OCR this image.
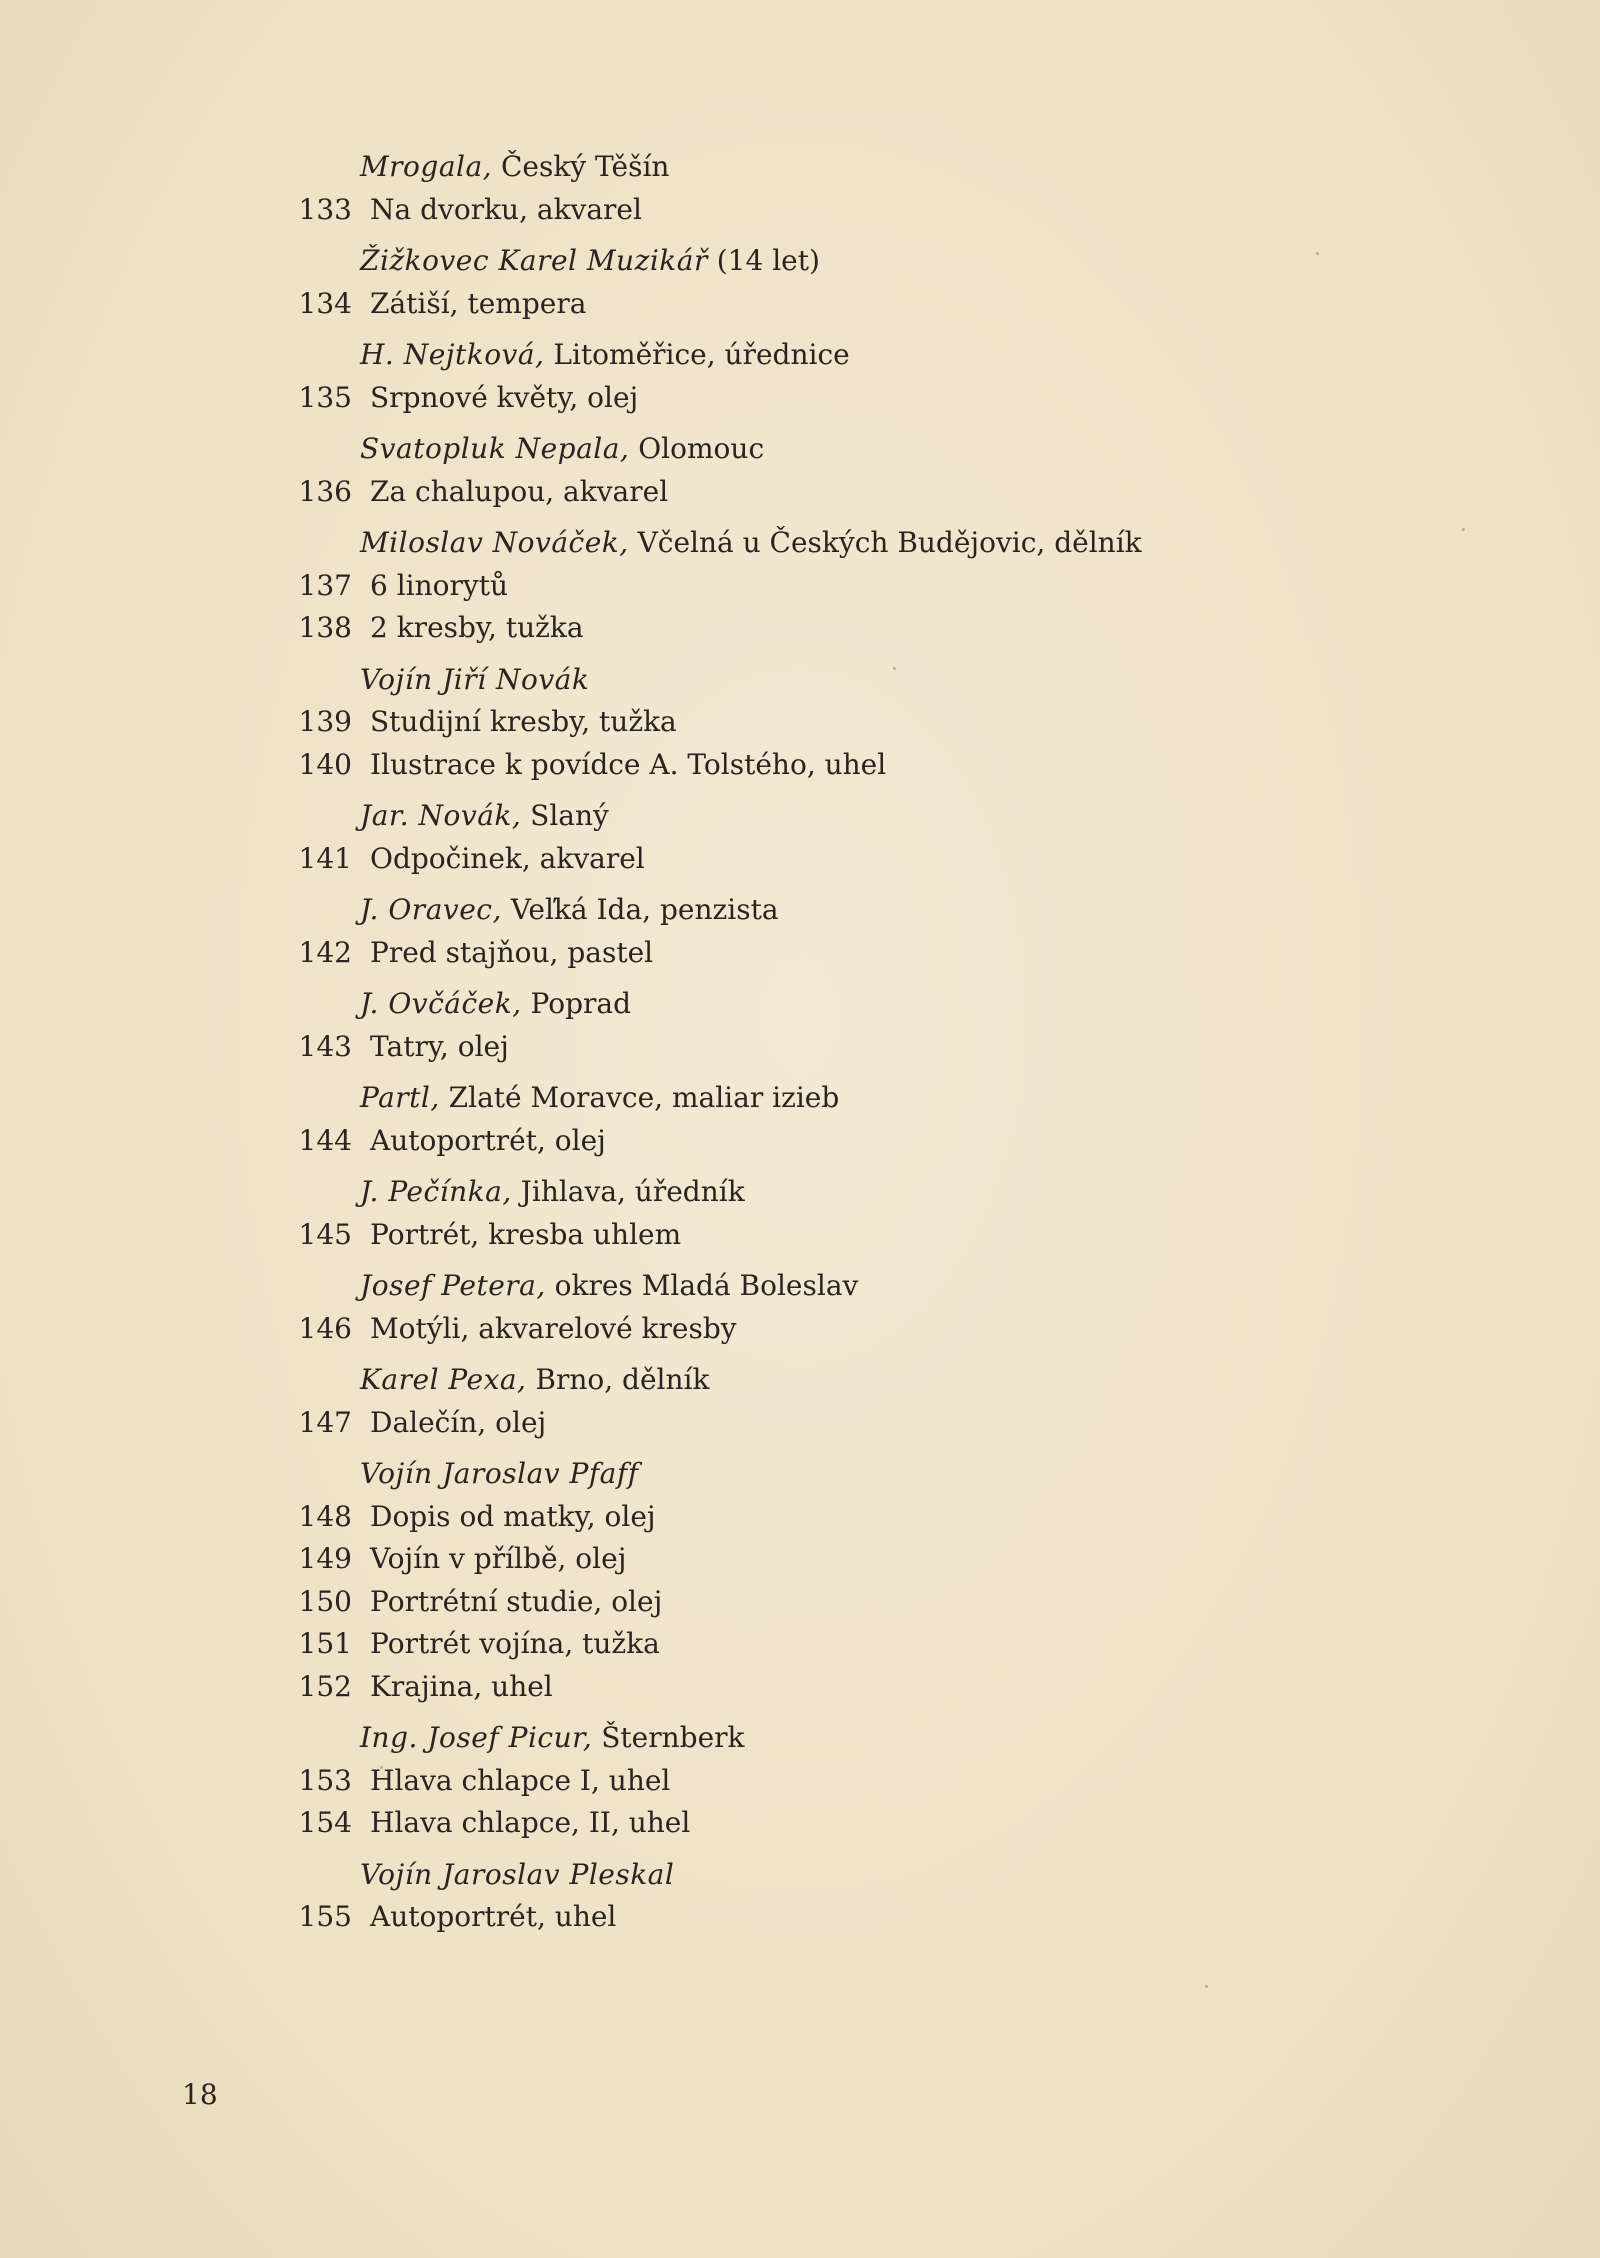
Mrogala, Český Těšín
133 Na dvorku, akvarel
Žižkovec Karel Muzikář (14 let)
134 Zátiší, tempera
H. Nejtková, Litoměřice, úřednice
135 Srpnové květy, olej
Svatopluk Nepala, Olomouc
136 Za chalupou, akvarel
Miloslav Nováček, Včelná u Českých Budějovic, dělník
137 6 linorytů
138 2 kresby, tužka
Vojín Jiří Novák
139 Studijní kresby, tužka
140 Ilustrace k povídce A. Tolstého, uhel
Jar. Novák, Slaný
141 Odpočinek, akvarel
J. Oravec, Veľká Ida, penzista
142 Pred stajňou, pastel
J. Ovčáček, Poprad
143 Tatry, olej
Partl, Zlaté Moravce, maliar izieb
144 Autoportrét, olej
J. Pečínka, Jihlava, úředník
145 Portrét, kresba uhlem
Josef Petera, okres Mladá Boleslav
146 Motýli, akvarelové kresby
Karel Pexa, Brno, dělník
147 Dalečín, olej
Vojín Jaroslav Pfaff
148 Dopis od matky, olej
149 Vojín v přílbě, olej
150 Portrétní studie, olej
151 Portrét vojína, tužka
152 Krajina, uhel
Ing. Josef Picur, Šternberk
153 Hlava chlapce I, uhel
154 Hlava chlapce, II, uhel
Vojín Jaroslav Pleskal
155 Autoportrét, uhel
18
